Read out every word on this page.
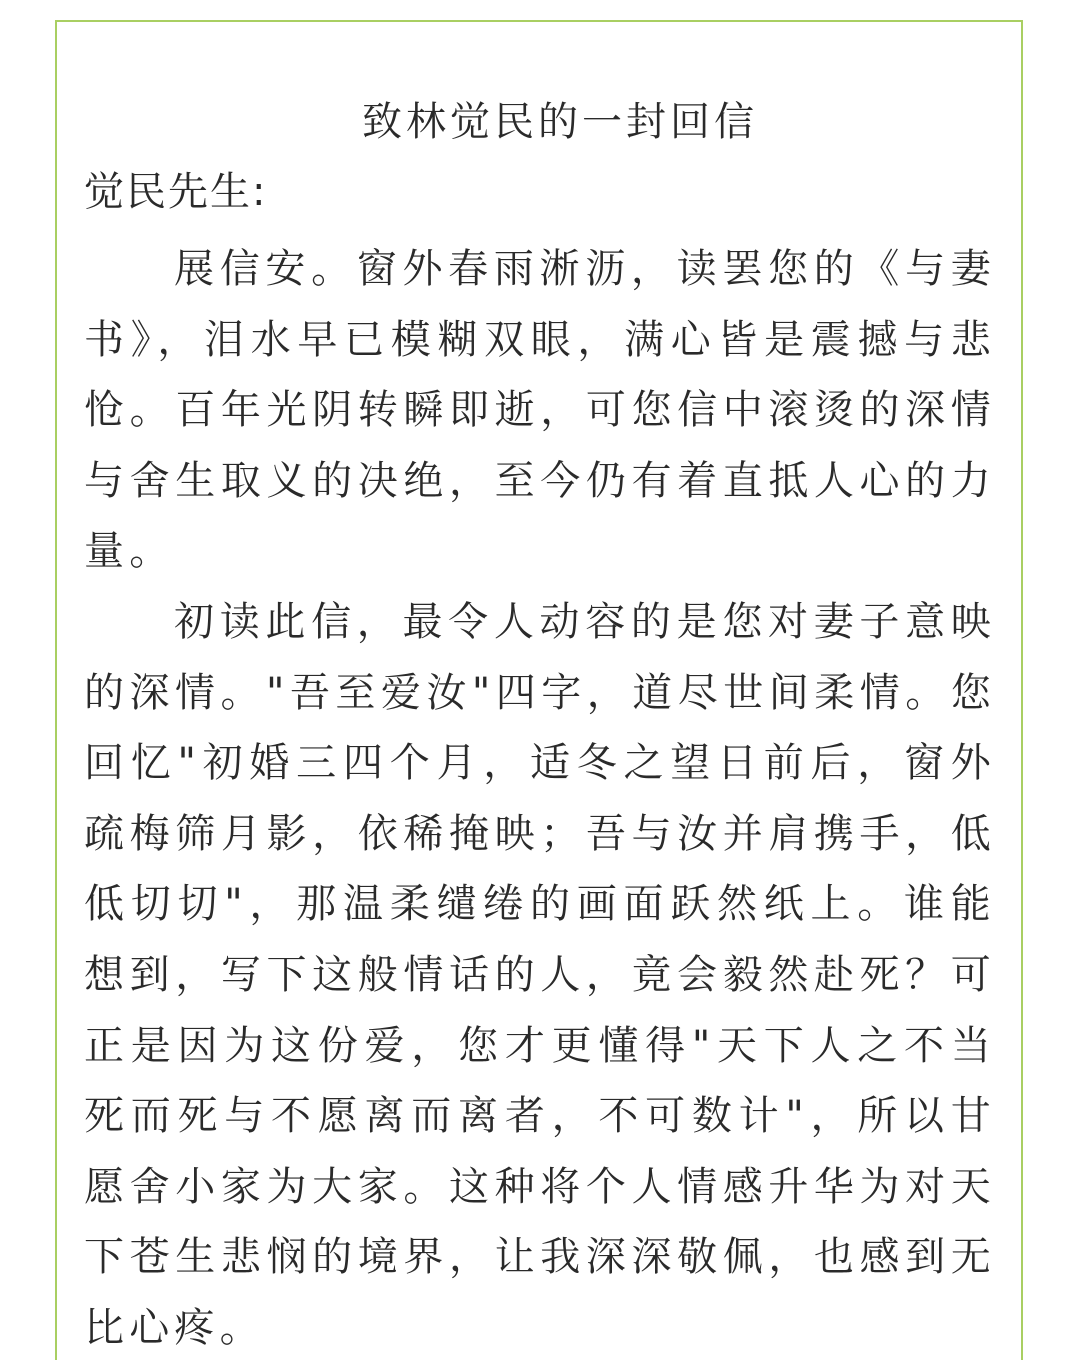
致林觉民的一封回信
觉民先生:

展信安。窗外春雨淅沥，读罢您的《与妻书》，泪水早已模糊双眼，满心皆是震撼与悲怆。百年光阴转瞬即逝，可您信中滚烫的深情与舍生取义的决绝，至今仍有着直抵人心的力量。

初读此信，最令人动容的是您对妻子意映的深情。"吾至爱汝"四字，道尽世间柔情。您回忆"初婚三四个月，适冬之望日前后，窗外疏梅筛月影，依稀掩映；吾与汝并肩携手，低低切切"，那温柔缱绻的画面跃然纸上。谁能想到，写下这般情话的人，竟会毅然赴死？可正是因为这份爱，您才更懂得"天下人之不当死而死与不愿离而离者，不可数计"，所以甘愿舍小家为大家。这种将个人情感升华为对天下苍生悲悯的境界，让我深深敬佩，也感到无比心疼。
